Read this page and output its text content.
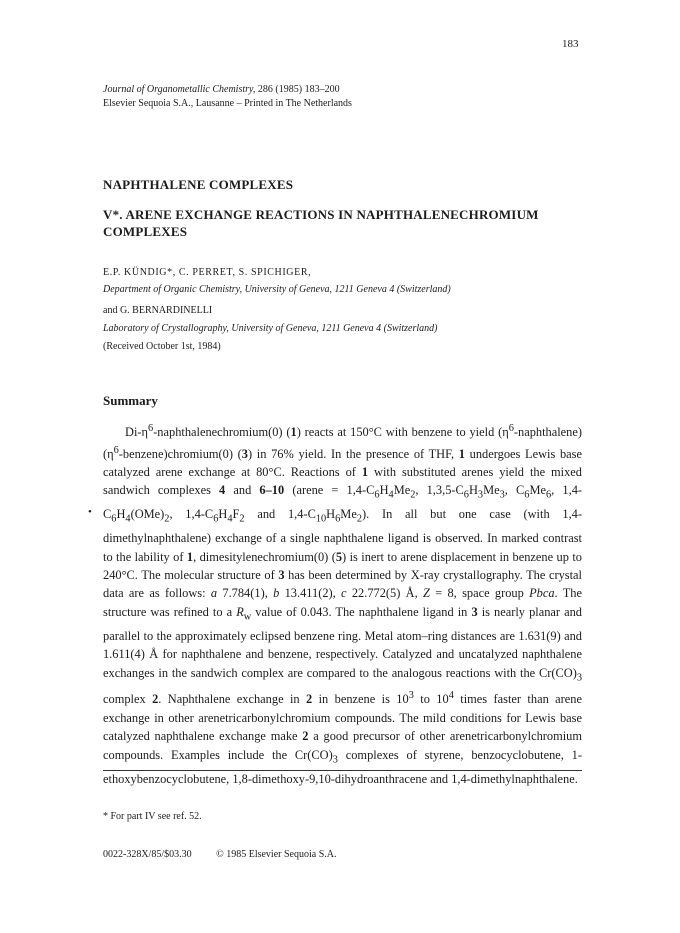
183
Journal of Organometallic Chemistry, 286 (1985) 183–200
Elsevier Sequoia S.A., Lausanne – Printed in The Netherlands
NAPHTHALENE COMPLEXES
V*. ARENE EXCHANGE REACTIONS IN NAPHTHALENECHROMIUM COMPLEXES
E.P. KÜNDIG*, C. PERRET, S. SPICHIGER,
Department of Organic Chemistry, University of Geneva, 1211 Geneva 4 (Switzerland)
and G. BERNARDINELLI
Laboratory of Crystallography, University of Geneva, 1211 Geneva 4 (Switzerland)
(Received October 1st, 1984)
Summary

$Di-\eta^6-naphthalenechromium(0)$ (1) reacts at 150°C with benzene to yield $(\eta^6-naphthalene)(\eta^6-benzene)chromium(0)$ (3) in 76% yield. In the presence of THF, 1 undergoes Lewis base catalyzed arene exchange at 80°C. Reactions of 1 with substituted arenes yield the mixed sandwich complexes 4 and 6–10 (arene = $1,4-C_6H_4Me_2$, $1,3,5-C_6H_3Me_3$, $C_6Me_6$, $1,4-C_6H_4(OMe)_2$, $1,4-C_6H_4F_2$ and $1,4-C_{10}H_6Me_2$). In all but one case (with 1,4-dimethylnaphthalene) exchange of a single naphthalene ligand is observed. In marked contrast to the lability of 1, dimesitylenechromium(0) (5) is inert to arene displacement in benzene up to 240°C. The molecular structure of 3 has been determined by X-ray crystallography. The crystal data are as follows: a 7.784(1), b 13.411(2), c 22.772(5) Å, Z = 8, space group Pbca. The structure was refined to a $R_w$ value of 0.043. The naphthalene ligand in 3 is nearly planar and parallel to the approximately eclipsed benzene ring. Metal atom–ring distances are 1.631(9) and 1.611(4) Å for naphthalene and benzene, respectively. Catalyzed and uncatalyzed naphthalene exchanges in the sandwich complex are compared to the analogous reactions with the $Cr(CO)_3$ complex 2. Naphthalene exchange in 2 in benzene is $10^3$ to $10^4$ times faster than arene exchange in other arenetricarbonylchromium compounds. The mild conditions for Lewis base catalyzed naphthalene exchange make 2 a good precursor of other arenetricarbonylchromium compounds. Examples include the $Cr(CO)_3$ complexes of styrene, benzocyclobutene, 1-ethoxybenzocyclobutene, 1,8-dimethoxy-9,10-dihydroanthracene and 1,4-dimethylnaphthalene.

•
* For part IV see ref. 52.
0022-328X/85/$03.30 © 1985 Elsevier Sequoia S.A.
